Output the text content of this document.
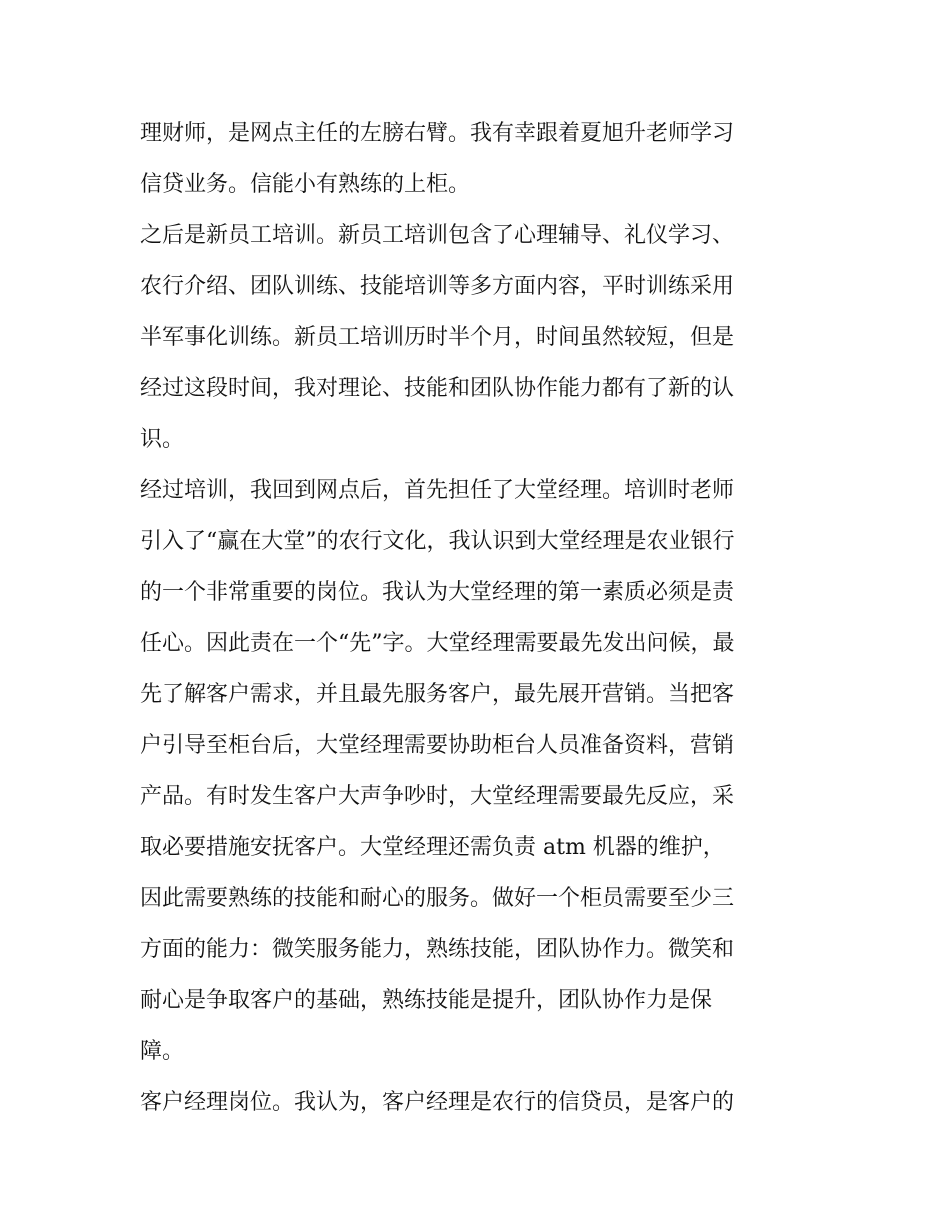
理财师，是网点主任的左膀右臂。我有幸跟着夏旭升老师学习
信贷业务。信能小有熟练的上柜。
之后是新员工培训。新员工培训包含了心理辅导、礼仪学习、
农行介绍、团队训练、技能培训等多方面内容，平时训练采用
半军事化训练。新员工培训历时半个月，时间虽然较短，但是
经过这段时间，我对理论、技能和团队协作能力都有了新的认
识。
经过培训，我回到网点后，首先担任了大堂经理。培训时老师
引入了“赢在大堂”的农行文化，我认识到大堂经理是农业银行
的一个非常重要的岗位。我认为大堂经理的第一素质必须是责
任心。因此责在一个“先”字。大堂经理需要最先发出问候，最
先了解客户需求，并且最先服务客户，最先展开营销。当把客
户引导至柜台后，大堂经理需要协助柜台人员准备资料，营销
产品。有时发生客户大声争吵时，大堂经理需要最先反应，采
取必要措施安抚客户。大堂经理还需负责 atm 机器的维护，
因此需要熟练的技能和耐心的服务。做好一个柜员需要至少三
方面的能力：微笑服务能力，熟练技能，团队协作力。微笑和
耐心是争取客户的基础，熟练技能是提升，团队协作力是保
障。
客户经理岗位。我认为，客户经理是农行的信贷员，是客户的
